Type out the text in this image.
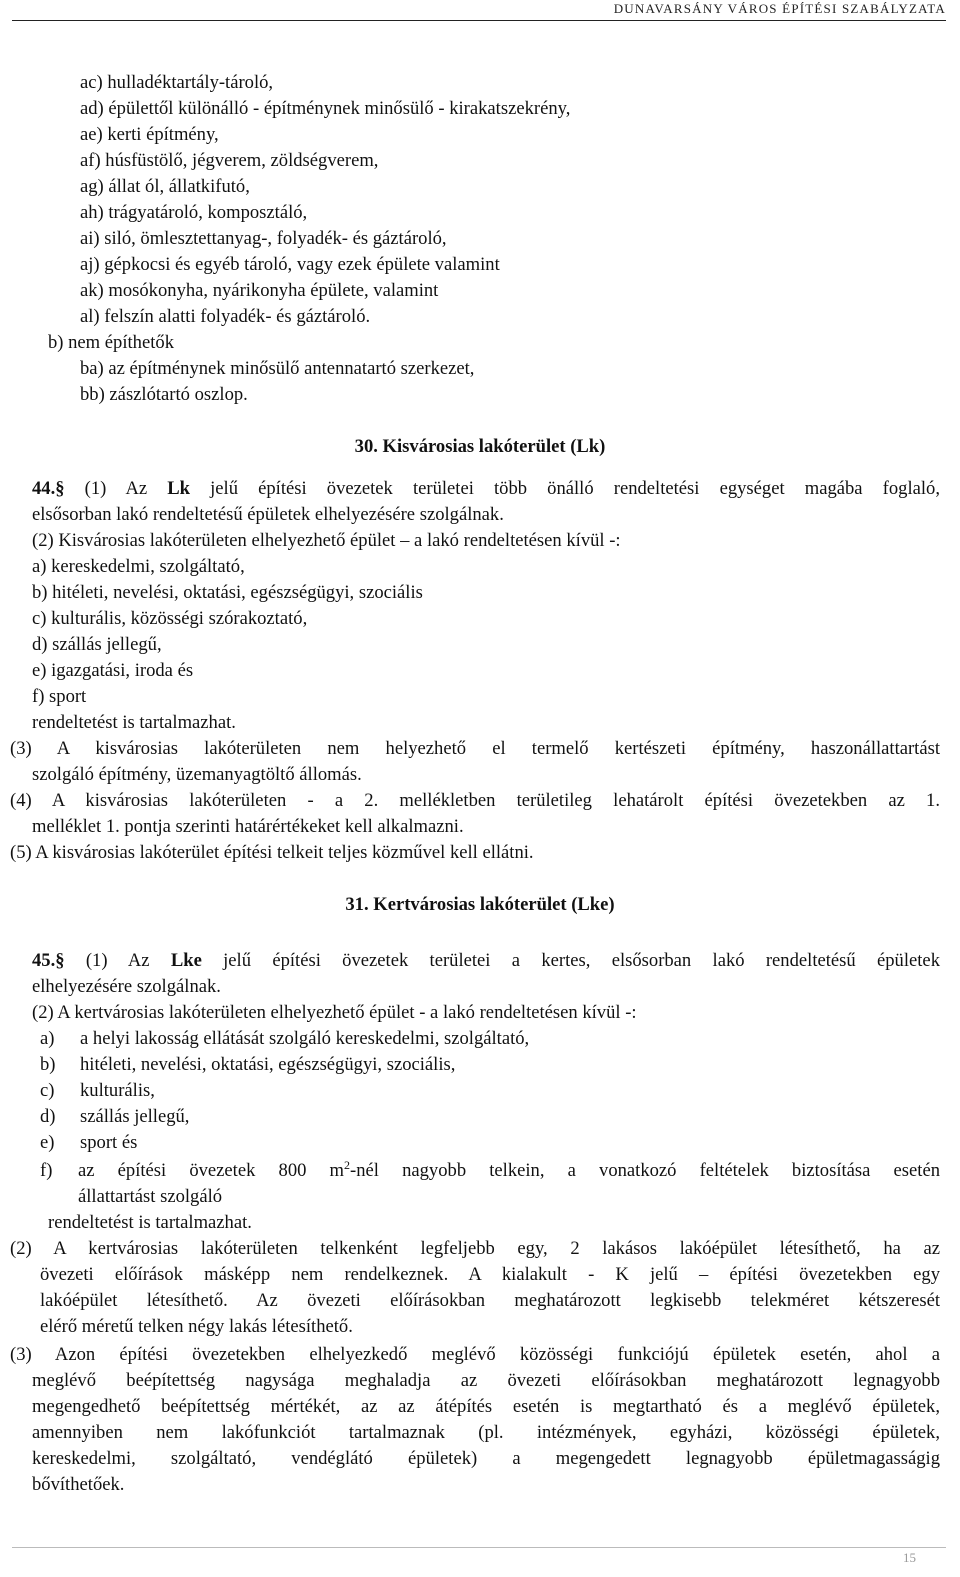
DUNAVARSÁNY VÁROS ÉPÍTÉSI SZABÁLYZATA
ac) hulladéktartály-tároló,
ad) épülettől különálló - építménynek minősülő - kirakatszekrény,
ae) kerti építmény,
af) húsfüstölő, jégverem, zöldségverem,
ag) állat ól, állatkifutó,
ah) trágyatároló, komposztáló,
ai) siló, ömlesztettanyag-, folyadék- és gáztároló,
aj) gépkocsi és egyéb tároló, vagy ezek épülete valamint
ak) mosókonyha, nyárikonyha épülete, valamint
al) felszín alatti folyadék- és gáztároló.
b) nem építhetők
ba) az építménynek minősülő antennatartó szerkezet,
bb) zászlótartó oszlop.
30. Kisvárosias lakóterület (Lk)
44.§ (1) Az Lk jelű építési övezetek területei több önálló rendeltetési egységet magába foglaló,
elsősorban lakó rendeltetésű épületek elhelyezésére szolgálnak.
(2) Kisvárosias lakóterületen elhelyezhető épület – a lakó rendeltetésen kívül -:
a) kereskedelmi, szolgáltató,
b) hitéleti, nevelési, oktatási, egészségügyi, szociális
c) kulturális, közösségi szórakoztató,
d) szállás jellegű,
e) igazgatási, iroda és
f) sport
rendeltetést is tartalmazhat.
(3) A kisvárosias lakóterületen nem helyezhető el termelő kertészeti építmény, haszonállattartást
szolgáló építmény, üzemanyagtöltő állomás.
(4) A kisvárosias lakóterületen - a 2. mellékletben területileg lehatárolt építési övezetekben az 1.
melléklet 1. pontja szerinti határértékeket kell alkalmazni.
(5) A kisvárosias lakóterület építési telkeit teljes közművel kell ellátni.
31. Kertvárosias lakóterület (Lke)
45.§ (1) Az Lke jelű építési övezetek területei a kertes, elsősorban lakó rendeltetésű épületek
elhelyezésére szolgálnak.
(2) A kertvárosias lakóterületen elhelyezhető épület - a lakó rendeltetésen kívül -:
a) a helyi lakosság ellátását szolgáló kereskedelmi, szolgáltató,
b) hitéleti, nevelési, oktatási, egészségügyi, szociális,
c) kulturális,
d) szállás jellegű,
e) sport és
f) az építési övezetek 800 $m^2$-nél nagyobb telkein, a vonatkozó feltételek biztosítása esetén
állattartást szolgáló
rendeltetést is tartalmazhat.
(2) A kertvárosias lakóterületen telkenként legfeljebb egy, 2 lakásos lakóépület létesíthető, ha az
övezeti előírások másképp nem rendelkeznek. A kialakult - K jelű – építési övezetekben egy
lakóépület létesíthető. Az övezeti előírásokban meghatározott legkisebb telekméret kétszeresét
elérő méretű telken négy lakás létesíthető.
(3) Azon építési övezetekben elhelyezkedő meglévő közösségi funkciójú épületek esetén, ahol a
meglévő beépítettség nagysága meghaladja az övezeti előírásokban meghatározott legnagyobb
megengedhető beépítettség mértékét, az az átépítés esetén is megtartható és a meglévő épületek,
amennyiben nem lakófunkciót tartalmaznak (pl. intézmények, egyházi, közösségi épületek,
kereskedelmi, szolgáltató, vendéglátó épületek) a megengedett legnagyobb épületmagasságig
bővíthetőek.
15
